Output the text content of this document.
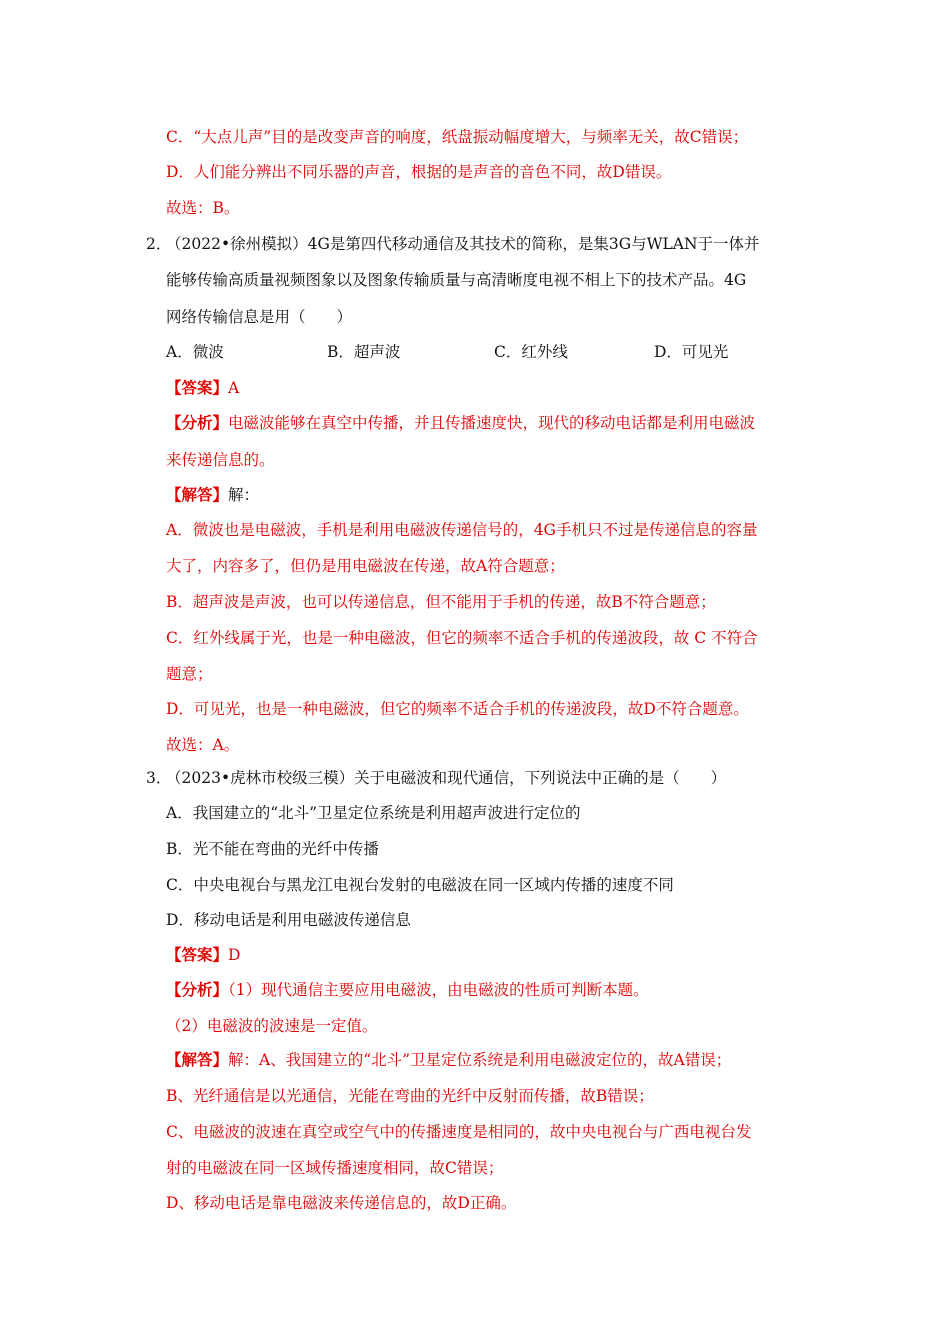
C．“大点儿声”目的是改变声音的响度，纸盘振动幅度增大，与频率无关，故C错误；
D．人们能分辨出不同乐器的声音，根据的是声音的音色不同，故D错误。
故选：B。
2．
（2022•徐州模拟）4G是第四代移动通信及其技术的简称，是集3G与WLAN于一体并
能够传输高质量视频图象以及图象传输质量与高清晰度电视不相上下的技术产品。4G
网络传输信息是用（　　）
A．微波	B．超声波	C．红外线	D．可见光
【答案】A
【分析】电磁波能够在真空中传播，并且传播速度快，现代的移动电话都是利用电磁波
来传递信息的。
【解答】解：
A．微波也是电磁波，手机是利用电磁波传递信号的，4G手机只不过是传递信息的容量
大了，内容多了，但仍是用电磁波在传递，故A符合题意；
B．超声波是声波，也可以传递信息，但不能用于手机的传递，故B不符合题意；
C．红外线属于光，也是一种电磁波，但它的频率不适合手机的传递波段，故 C 不符合
题意；
D．可见光，也是一种电磁波，但它的频率不适合手机的传递波段，故D不符合题意。
故选：A。
3．
（2023•虎林市校级三模）关于电磁波和现代通信，下列说法中正确的是（　　）
A．我国建立的“北斗”卫星定位系统是利用超声波进行定位的
B．光不能在弯曲的光纤中传播
C．中央电视台与黑龙江电视台发射的电磁波在同一区域内传播的速度不同
D．移动电话是利用电磁波传递信息
【答案】D
【分析】（1）现代通信主要应用电磁波，由电磁波的性质可判断本题。
（2）电磁波的波速是一定值。
【解答】解：A、我国建立的“北斗”卫星定位系统是利用电磁波定位的，故A错误；
B、光纤通信是以光通信，光能在弯曲的光纤中反射而传播，故B错误；
C、电磁波的波速在真空或空气中的传播速度是相同的，故中央电视台与广西电视台发
射的电磁波在同一区域传播速度相同，故C错误；
D、移动电话是靠电磁波来传递信息的，故D正确。
